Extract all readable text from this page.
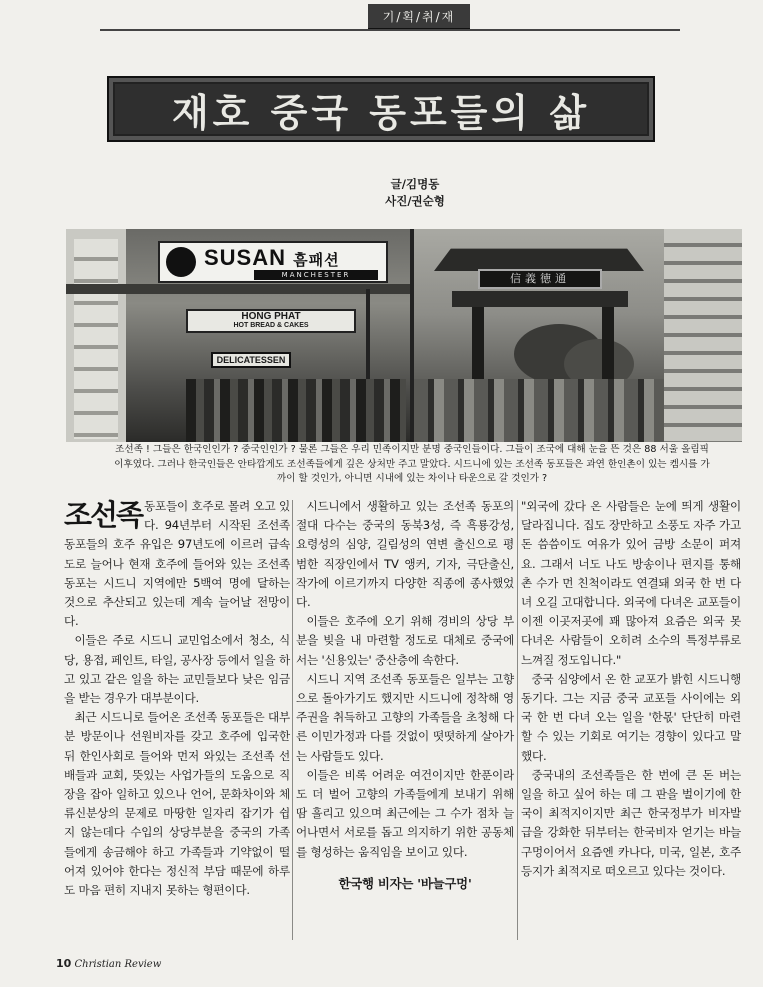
기/획/취/재
재호 중국 동포들의 삶
글/김명동
사진/권순형
SUSAN 흠패션
MANCHESTER
HONG PHAT
HOT BREAD & CAKES
DELICATESSEN
信義徳通
조선족 ! 그들은 한국인인가 ? 중국인인가 ? 물론 그들은 우리 민족이지만 분명 중국인들이다. 그들이 조국에 대해 눈을 뜬 것은 88 서울 올림픽 이후였다. 그러나 한국인들은 안타깝게도 조선족들에게 깊은 상처만 주고 말았다. 시드니에 있는 조선족 동포들은 과연 한인촌이 있는 켐시를 가까이 할 것인가, 아니면 시내에 있는 차이나 타운으로 갈 것인가 ?

조선족 동포들이 호주로 몰려 오고 있다. 94년부터 시작된 조선족 동포들의 호주 유입은 97년도에 이르러 급속도로 늘어나 현재 호주에 들어와 있는 조선족 동포는 시드니 지역에만 5백여 명에 달하는 것으로 추산되고 있는데 계속 늘어날 전망이다.

이들은 주로 시드니 교민업소에서 청소, 식당, 용접, 페인트, 타일, 공사장 등에서 일을 하고 있고 같은 일을 하는 교민들보다 낮은 임금을 받는 경우가 대부분이다.

최근 시드니로 들어온 조선족 동포들은 대부분 방문이나 선원비자를 갖고 호주에 입국한 뒤 한인사회로 들어와 먼저 와있는 조선족 선배들과 교회, 뜻있는 사업가들의 도움으로 직장을 잡아 일하고 있으나 언어, 문화차이와 체류신분상의 문제로 마땅한 일자리 잡기가 쉽지 않는데다 수입의 상당부분을 중국의 가족들에게 송금해야 하고 가족들과 기약없이 떨어져 있어야 한다는 정신적 부담 때문에 하루도 마음 편히 지내지 못하는 형편이다.

시드니에서 생활하고 있는 조선족 동포의 절대 다수는 중국의 동북3성, 즉 흑룡강성, 요령성의 심양, 길림성의 연변 출신으로 평범한 직장인에서 TV 앵커, 기자, 극단출신, 작가에 이르기까지 다양한 직종에 종사했었다.

이들은 호주에 오기 위해 경비의 상당 부분을 빚을 내 마련할 정도로 대체로 중국에서는 '신용있는' 중산층에 속한다.

시드니 지역 조선족 동포들은 일부는 고향으로 돌아가기도 했지만 시드니에 정착해 영주권을 취득하고 고향의 가족들을 초청해 다른 이민가정과 다를 것없이 떳떳하게 살아가는 사람들도 있다.

이들은 비록 어려운 여건이지만 한푼이라도 더 벌어 고향의 가족들에게 보내기 위해 땀 흘리고 있으며 최근에는 그 수가 점차 늘어나면서 서로를 돕고 의지하기 위한 공동체를 형성하는 움직임을 보이고 있다.

한국행 비자는 '바늘구멍'

"외국에 갔다 온 사람들은 눈에 띄게 생활이 달라집니다. 집도 장만하고 소풍도 자주 가고 돈 씀씀이도 여유가 있어 금방 소문이 퍼져요. 그래서 너도 나도 방송이나 편지를 통해 촌 수가 먼 친척이라도 연결돼 외국 한 번 다녀 오길 고대합니다. 외국에 다녀온 교포들이 이젠 이곳저곳에 꽤 많아져 요즘은 외국 못 다녀온 사람들이 오히려 소수의 특정부류로 느껴질 정도입니다."

중국 심양에서 온 한 교포가 밝힌 시드니행 동기다. 그는 지금 중국 교포들 사이에는 외국 한 번 다녀 오는 일을 '한몫' 단단히 마련할 수 있는 기회로 여기는 경향이 있다고 말했다.

중국내의 조선족들은 한 번에 큰 돈 버는 일을 하고 싶어 하는 데 그 판을 벌이기에 한국이 최적지이지만 최근 한국정부가 비자발급을 강화한 뒤부터는 한국비자 얻기는 바늘구멍이어서 요즘엔 카나다, 미국, 일본, 호주 등지가 최적지로 떠오르고 있다는 것이다.

10 Christian Review
